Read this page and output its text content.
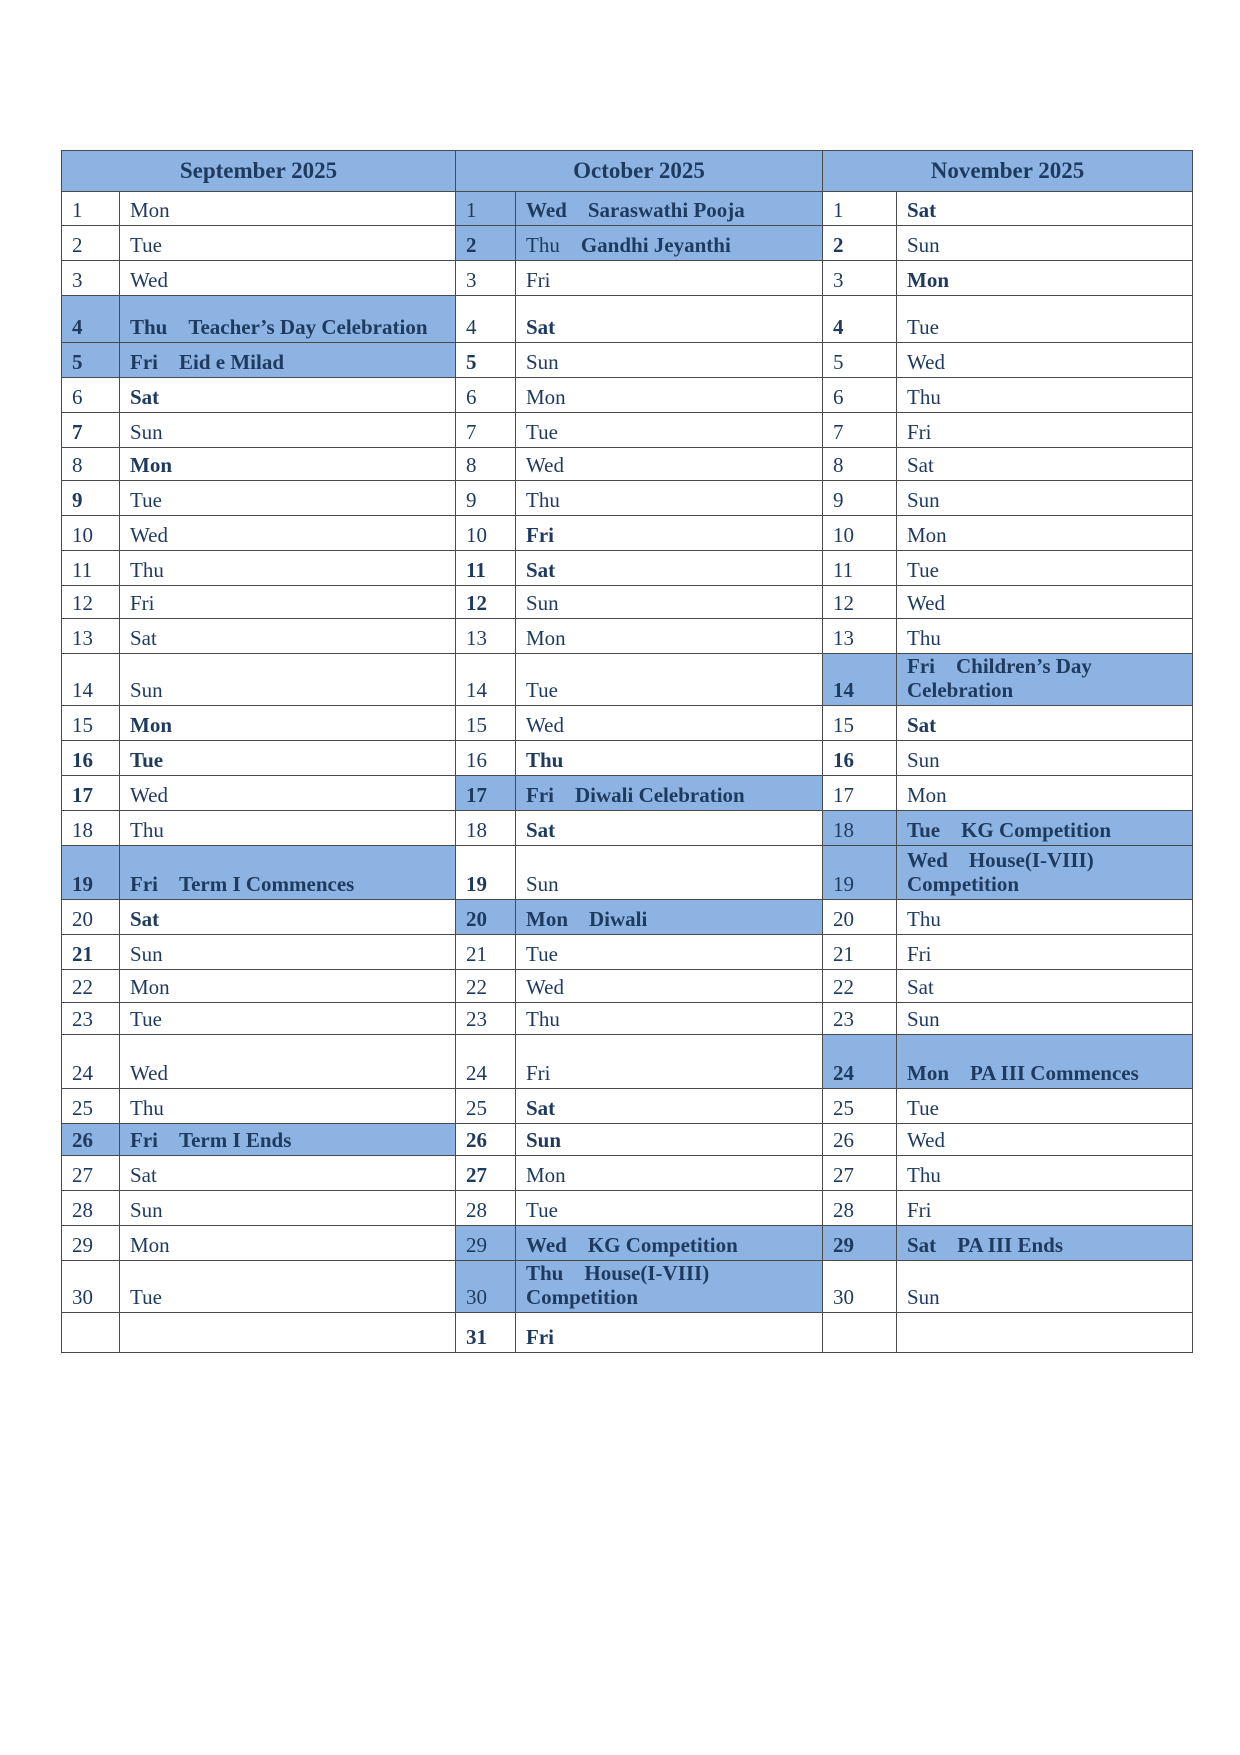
September 2025		October 2025		November 2025	
1	Mon	1	Wed Saraswathi Pooja	1	Sat
2	Tue	2	Thu Gandhi Jeyanthi	2	Sun
3	Wed	3	Fri	3	Mon
4	Thu Teacher’s Day Celebration	4	Sat	4	Tue
5	Fri Eid e Milad	5	Sun	5	Wed
6	Sat	6	Mon	6	Thu
7	Sun	7	Tue	7	Fri
8	Mon	8	Wed	8	Sat
9	Tue	9	Thu	9	Sun
10	Wed	10	Fri	10	Mon
11	Thu	11	Sat	11	Tue
12	Fri	12	Sun	12	Wed
13	Sat	13	Mon	13	Thu
14	Sun	14	Tue	14	Fri Children’s Day Celebration
15	Mon	15	Wed	15	Sat
16	Tue	16	Thu	16	Sun
17	Wed	17	Fri Diwali Celebration	17	Mon
18	Thu	18	Sat	18	Tue KG Competition
19	Fri Term I Commences	19	Sun	19	Wed House(I-VIII) Competition
20	Sat	20	Mon Diwali	20	Thu
21	Sun	21	Tue	21	Fri
22	Mon	22	Wed	22	Sat
23	Tue	23	Thu	23	Sun
24	Wed	24	Fri	24	Mon PA III Commences
25	Thu	25	Sat	25	Tue
26	Fri Term I Ends	26	Sun	26	Wed
27	Sat	27	Mon	27	Thu
28	Sun	28	Tue	28	Fri
29	Mon	29	Wed KG Competition	29	Sat PA III Ends
30	Tue	30	Thu House(I-VIII) Competition	30	Sun
		31	Fri		
